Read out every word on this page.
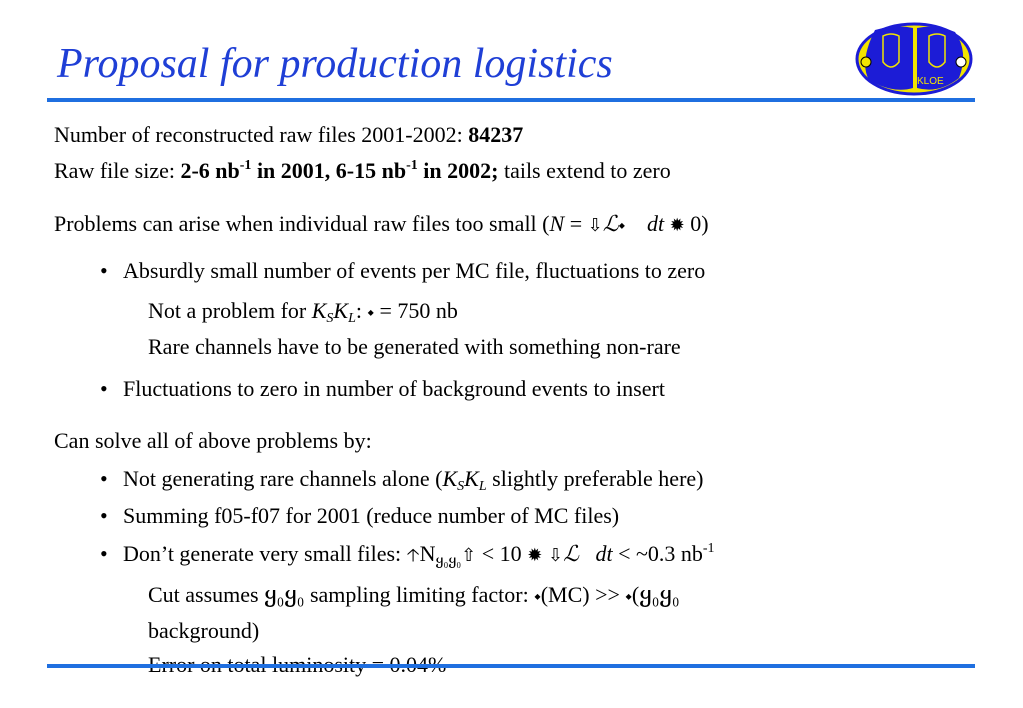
Proposal for production logistics	KLOE
Number of reconstructed raw files 2001-2002: 84237
Raw file size: 2-6 $nb^{-1}$ in 2001, 6-15 $nb^{-1}$ in 2002; tails extend to zero
Problems can arise when individual raw files too small (N = ⇩ℒ⬩ dt ✹ 0)
• Absurdly small number of events per MC file, fluctuations to zero
Not a problem for $K_SK_L$: ⬩ = 750 nb
Rare channels have to be generated with something non-rare
• Fluctuations to zero in number of background events to insert
Can solve all of above problems by:
• Not generating rare channels alone ($K_SK_L$ slightly preferable here)
• Summing f05-f07 for 2001 (reduce number of MC files)
• Don’t generate very small files: $🡡N_{ყ_0ყ_0}⇧ < 10$ ✹ ⇩ℒ dt < ~0.3 $nb^{-1}$
Cut assumes ყ₀ყ₀ sampling limiting factor: ⬩(MC) >> ⬩(ყ₀ყ₀
background)
